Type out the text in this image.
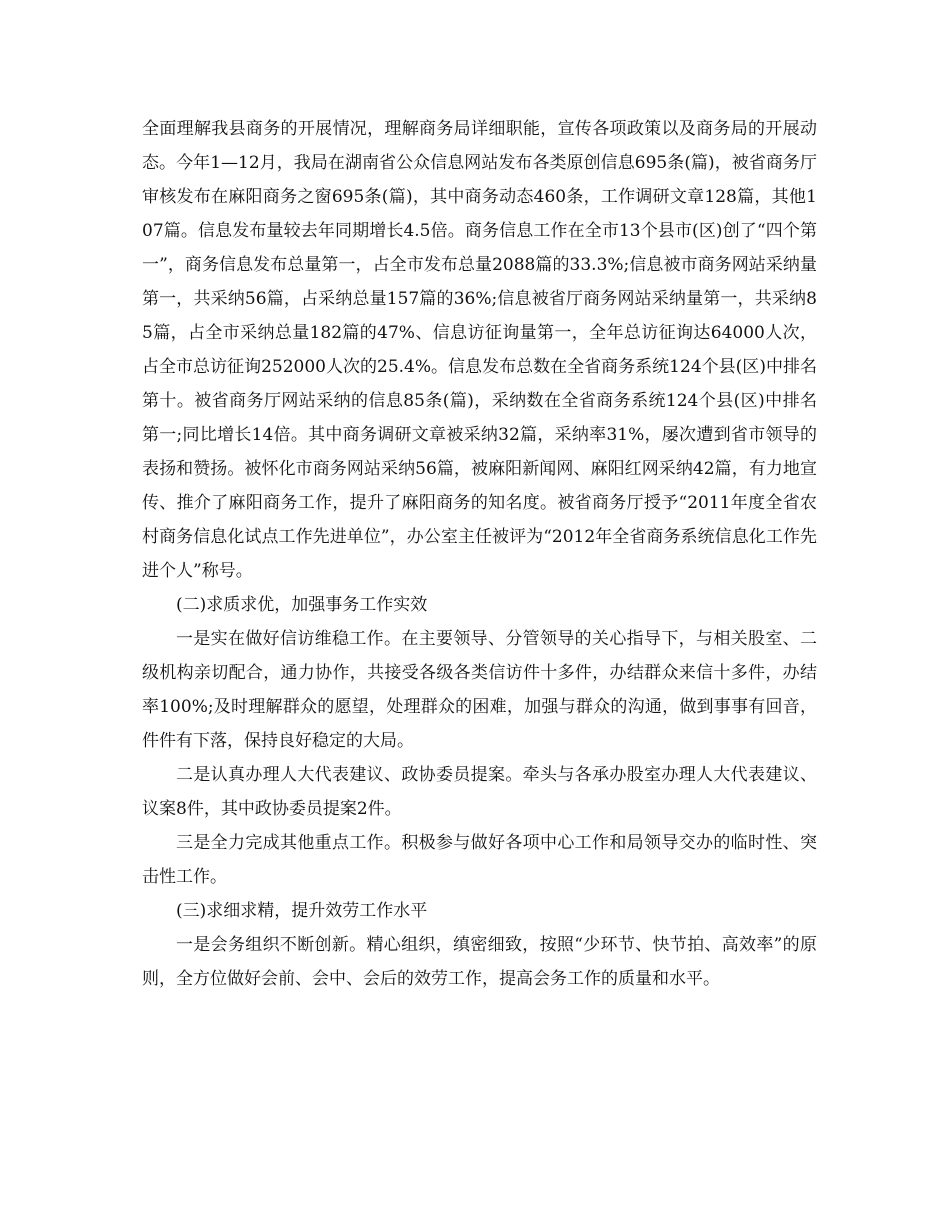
全面理解我县商务的开展情况，理解商务局详细职能，宣传各项政策以及商务局的开展动态。今年1—12月，我局在湖南省公众信息网站发布各类原创信息695条(篇)，被省商务厅审核发布在麻阳商务之窗695条(篇)，其中商务动态460条，工作调研文章128篇，其他107篇。信息发布量较去年同期增长4.5倍。商务信息工作在全市13个县市(区)创了“四个第一”，商务信息发布总量第一，占全市发布总量2088篇的33.3%;信息被市商务网站采纳量第一，共采纳56篇，占采纳总量157篇的36%;信息被省厅商务网站采纳量第一，共采纳85篇，占全市采纳总量182篇的47%、信息访征询量第一，全年总访征询达64000人次，占全市总访征询252000人次的25.4%。信息发布总数在全省商务系统124个县(区)中排名第十。被省商务厅网站采纳的信息85条(篇)，采纳数在全省商务系统124个县(区)中排名第一;同比增长14倍。其中商务调研文章被采纳32篇，采纳率31%，屡次遭到省市领导的表扬和赞扬。被怀化市商务网站采纳56篇，被麻阳新闻网、麻阳红网采纳42篇，有力地宣传、推介了麻阳商务工作，提升了麻阳商务的知名度。被省商务厅授予“2011年度全省农村商务信息化试点工作先进单位”，办公室主任被评为“2012年全省商务系统信息化工作先进个人”称号。

(二)求质求优，加强事务工作实效

一是实在做好信访维稳工作。在主要领导、分管领导的关心指导下，与相关股室、二级机构亲切配合，通力协作，共接受各级各类信访件十多件，办结群众来信十多件，办结率100%;及时理解群众的愿望，处理群众的困难，加强与群众的沟通，做到事事有回音，件件有下落，保持良好稳定的大局。

二是认真办理人大代表建议、政协委员提案。牵头与各承办股室办理人大代表建议、议案8件，其中政协委员提案2件。

三是全力完成其他重点工作。积极参与做好各项中心工作和局领导交办的临时性、突击性工作。

(三)求细求精，提升效劳工作水平

一是会务组织不断创新。精心组织，缜密细致，按照“少环节、快节拍、高效率”的原则，全方位做好会前、会中、会后的效劳工作，提高会务工作的质量和水平。
